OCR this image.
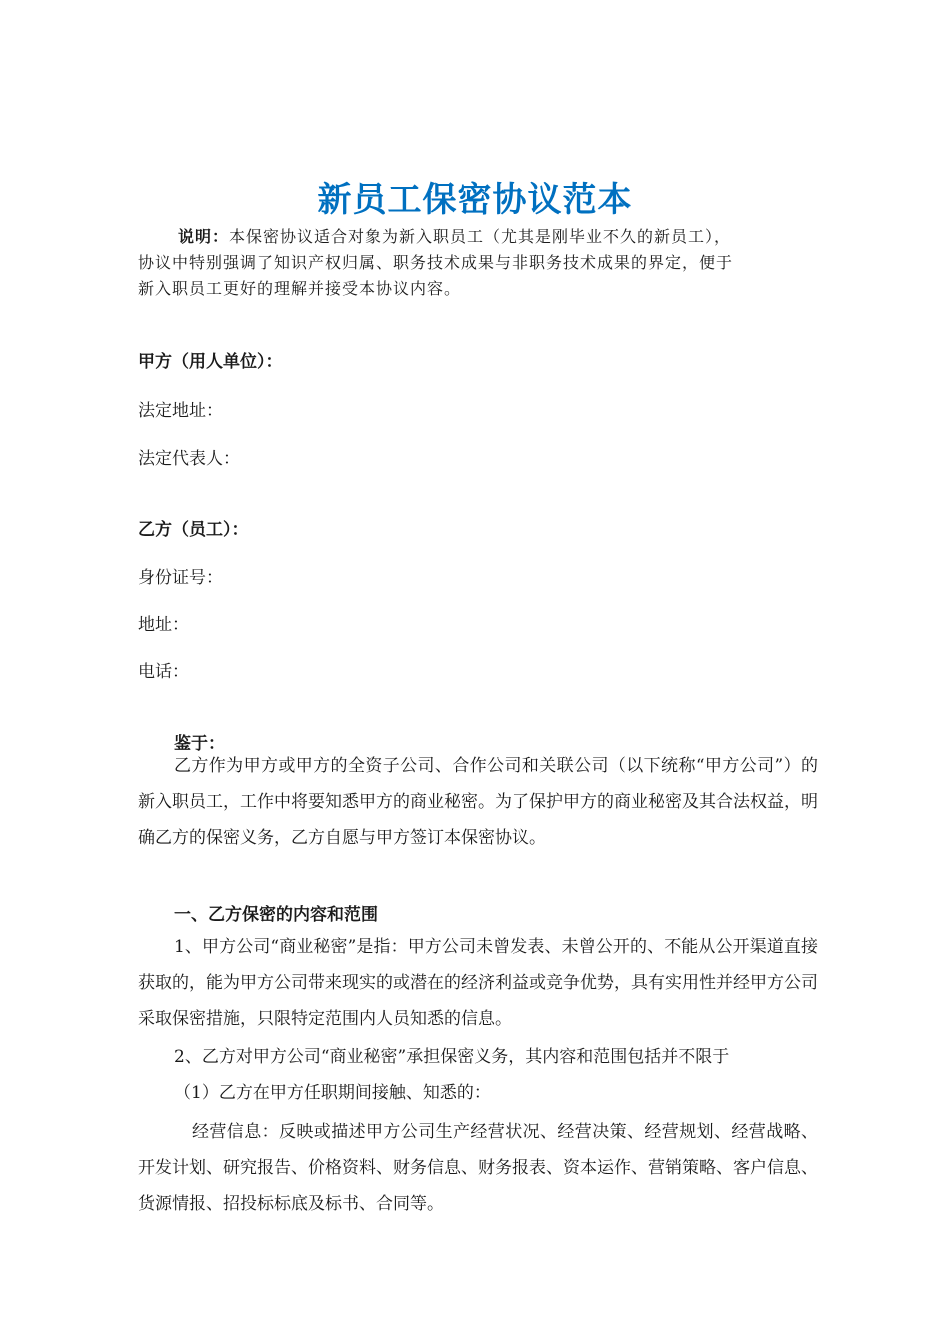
新员工保密协议范本

说明：本保密协议适合对象为新入职员工（尤其是刚毕业不久的新员工），

协议中特别强调了知识产权归属、职务技术成果与非职务技术成果的界定，便于

新入职员工更好的理解并接受本协议内容。

甲方（用人单位）：
法定地址：
法定代表人：
乙方（员工）：
身份证号：
地址：
电话：
鉴于：
乙方作为甲方或甲方的全资子公司、合作公司和关联公司（以下统称“甲方公司”）的新入职员工，工作中将要知悉甲方的商业秘密。为了保护甲方的商业秘密及其合法权益，明确乙方的保密义务，乙方自愿与甲方签订本保密协议。
一、乙方保密的内容和范围
1、甲方公司“商业秘密”是指：甲方公司未曾发表、未曾公开的、不能从公开渠道直接获取的，能为甲方公司带来现实的或潜在的经济利益或竞争优势，具有实用性并经甲方公司采取保密措施，只限特定范围内人员知悉的信息。
2、乙方对甲方公司“商业秘密”承担保密义务，其内容和范围包括并不限于
（1）乙方在甲方任职期间接触、知悉的：
经营信息：反映或描述甲方公司生产经营状况、经营决策、经营规划、经营战略、开发计划、研究报告、价格资料、财务信息、财务报表、资本运作、营销策略、客户信息、货源情报、招投标标底及标书、合同等。
